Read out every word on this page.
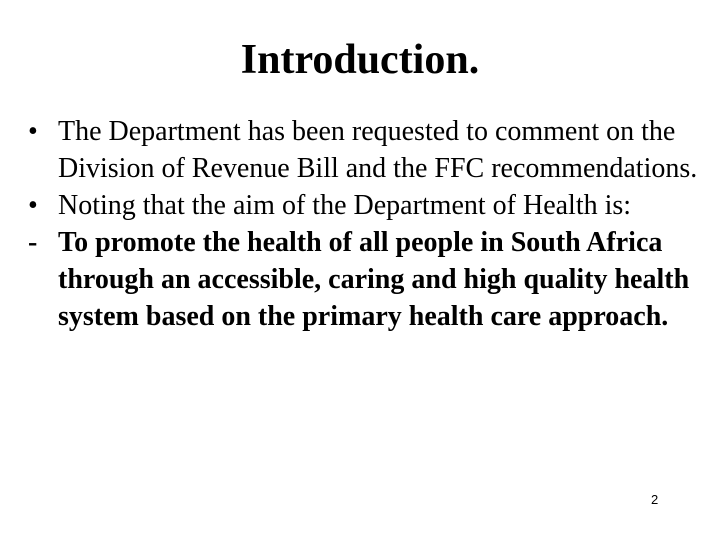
Introduction.
• The Department has been requested to comment on the Division of Revenue Bill and the FFC recommendations.
• Noting that the aim of the Department of Health is:
- To promote the health of all people in South Africa through an accessible, caring and high quality health system based on the primary health care approach.
2
